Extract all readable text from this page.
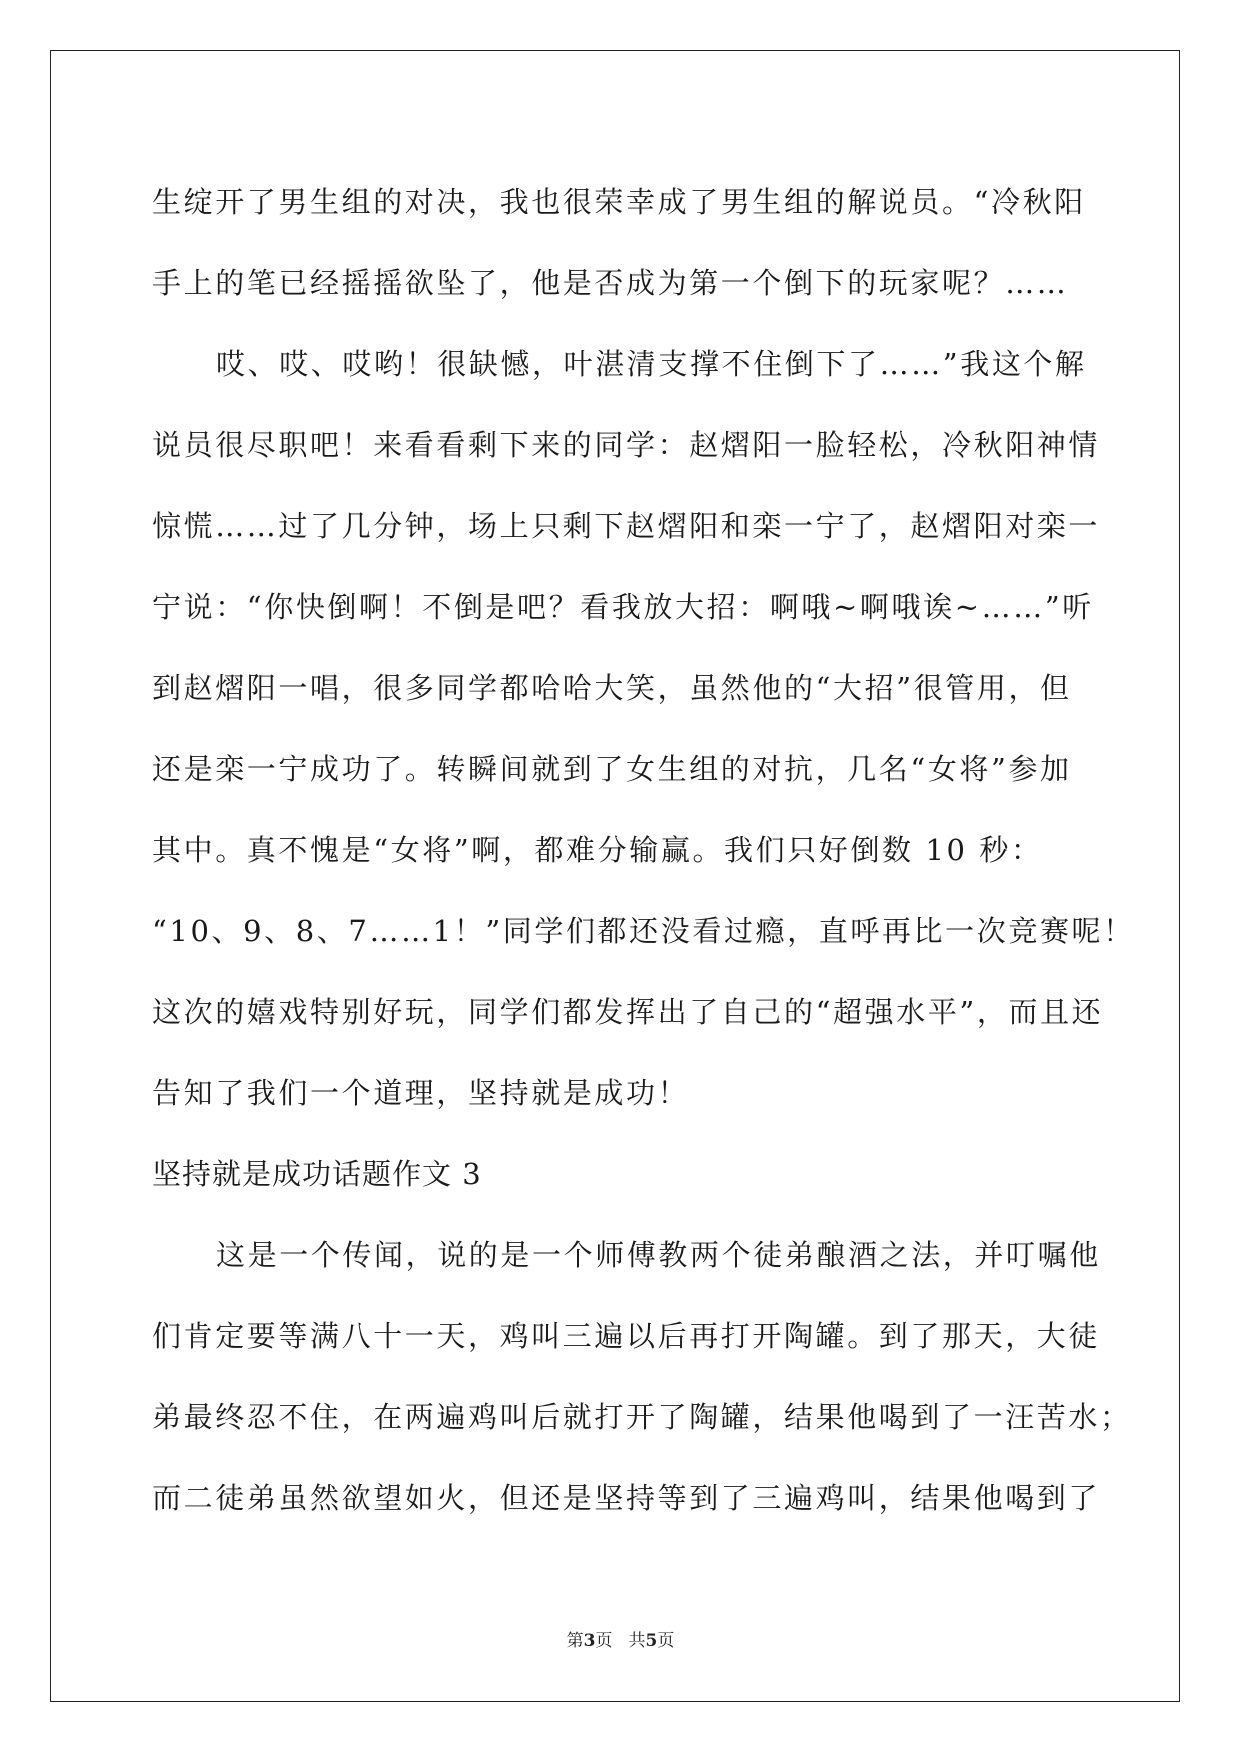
生绽开了男生组的对决，我也很荣幸成了男生组的解说员。“冷秋阳

手上的笔已经摇摇欲坠了，他是否成为第一个倒下的玩家呢？……

哎、哎、哎哟！很缺憾，叶湛清支撑不住倒下了……”我这个解

说员很尽职吧！来看看剩下来的同学：赵熠阳一脸轻松，冷秋阳神情

惊慌……过了几分钟，场上只剩下赵熠阳和栾一宁了，赵熠阳对栾一

宁说：“你快倒啊！不倒是吧？看我放大招：啊哦~啊哦诶~……”听

到赵熠阳一唱，很多同学都哈哈大笑，虽然他的“大招”很管用，但

还是栾一宁成功了。转瞬间就到了女生组的对抗，几名“女将”参加

其中。真不愧是“女将”啊，都难分输赢。我们只好倒数 10 秒：

“10、9、8、7……1！”同学们都还没看过瘾，直呼再比一次竞赛呢！

这次的嬉戏特别好玩，同学们都发挥出了自己的“超强水平”，而且还

告知了我们一个道理，坚持就是成功！

坚持就是成功话题作文 3

这是一个传闻，说的是一个师傅教两个徒弟酿酒之法，并叮嘱他

们肯定要等满八十一天，鸡叫三遍以后再打开陶罐。到了那天，大徒

弟最终忍不住，在两遍鸡叫后就打开了陶罐，结果他喝到了一汪苦水；

而二徒弟虽然欲望如火，但还是坚持等到了三遍鸡叫，结果他喝到了

第3页 共5页
